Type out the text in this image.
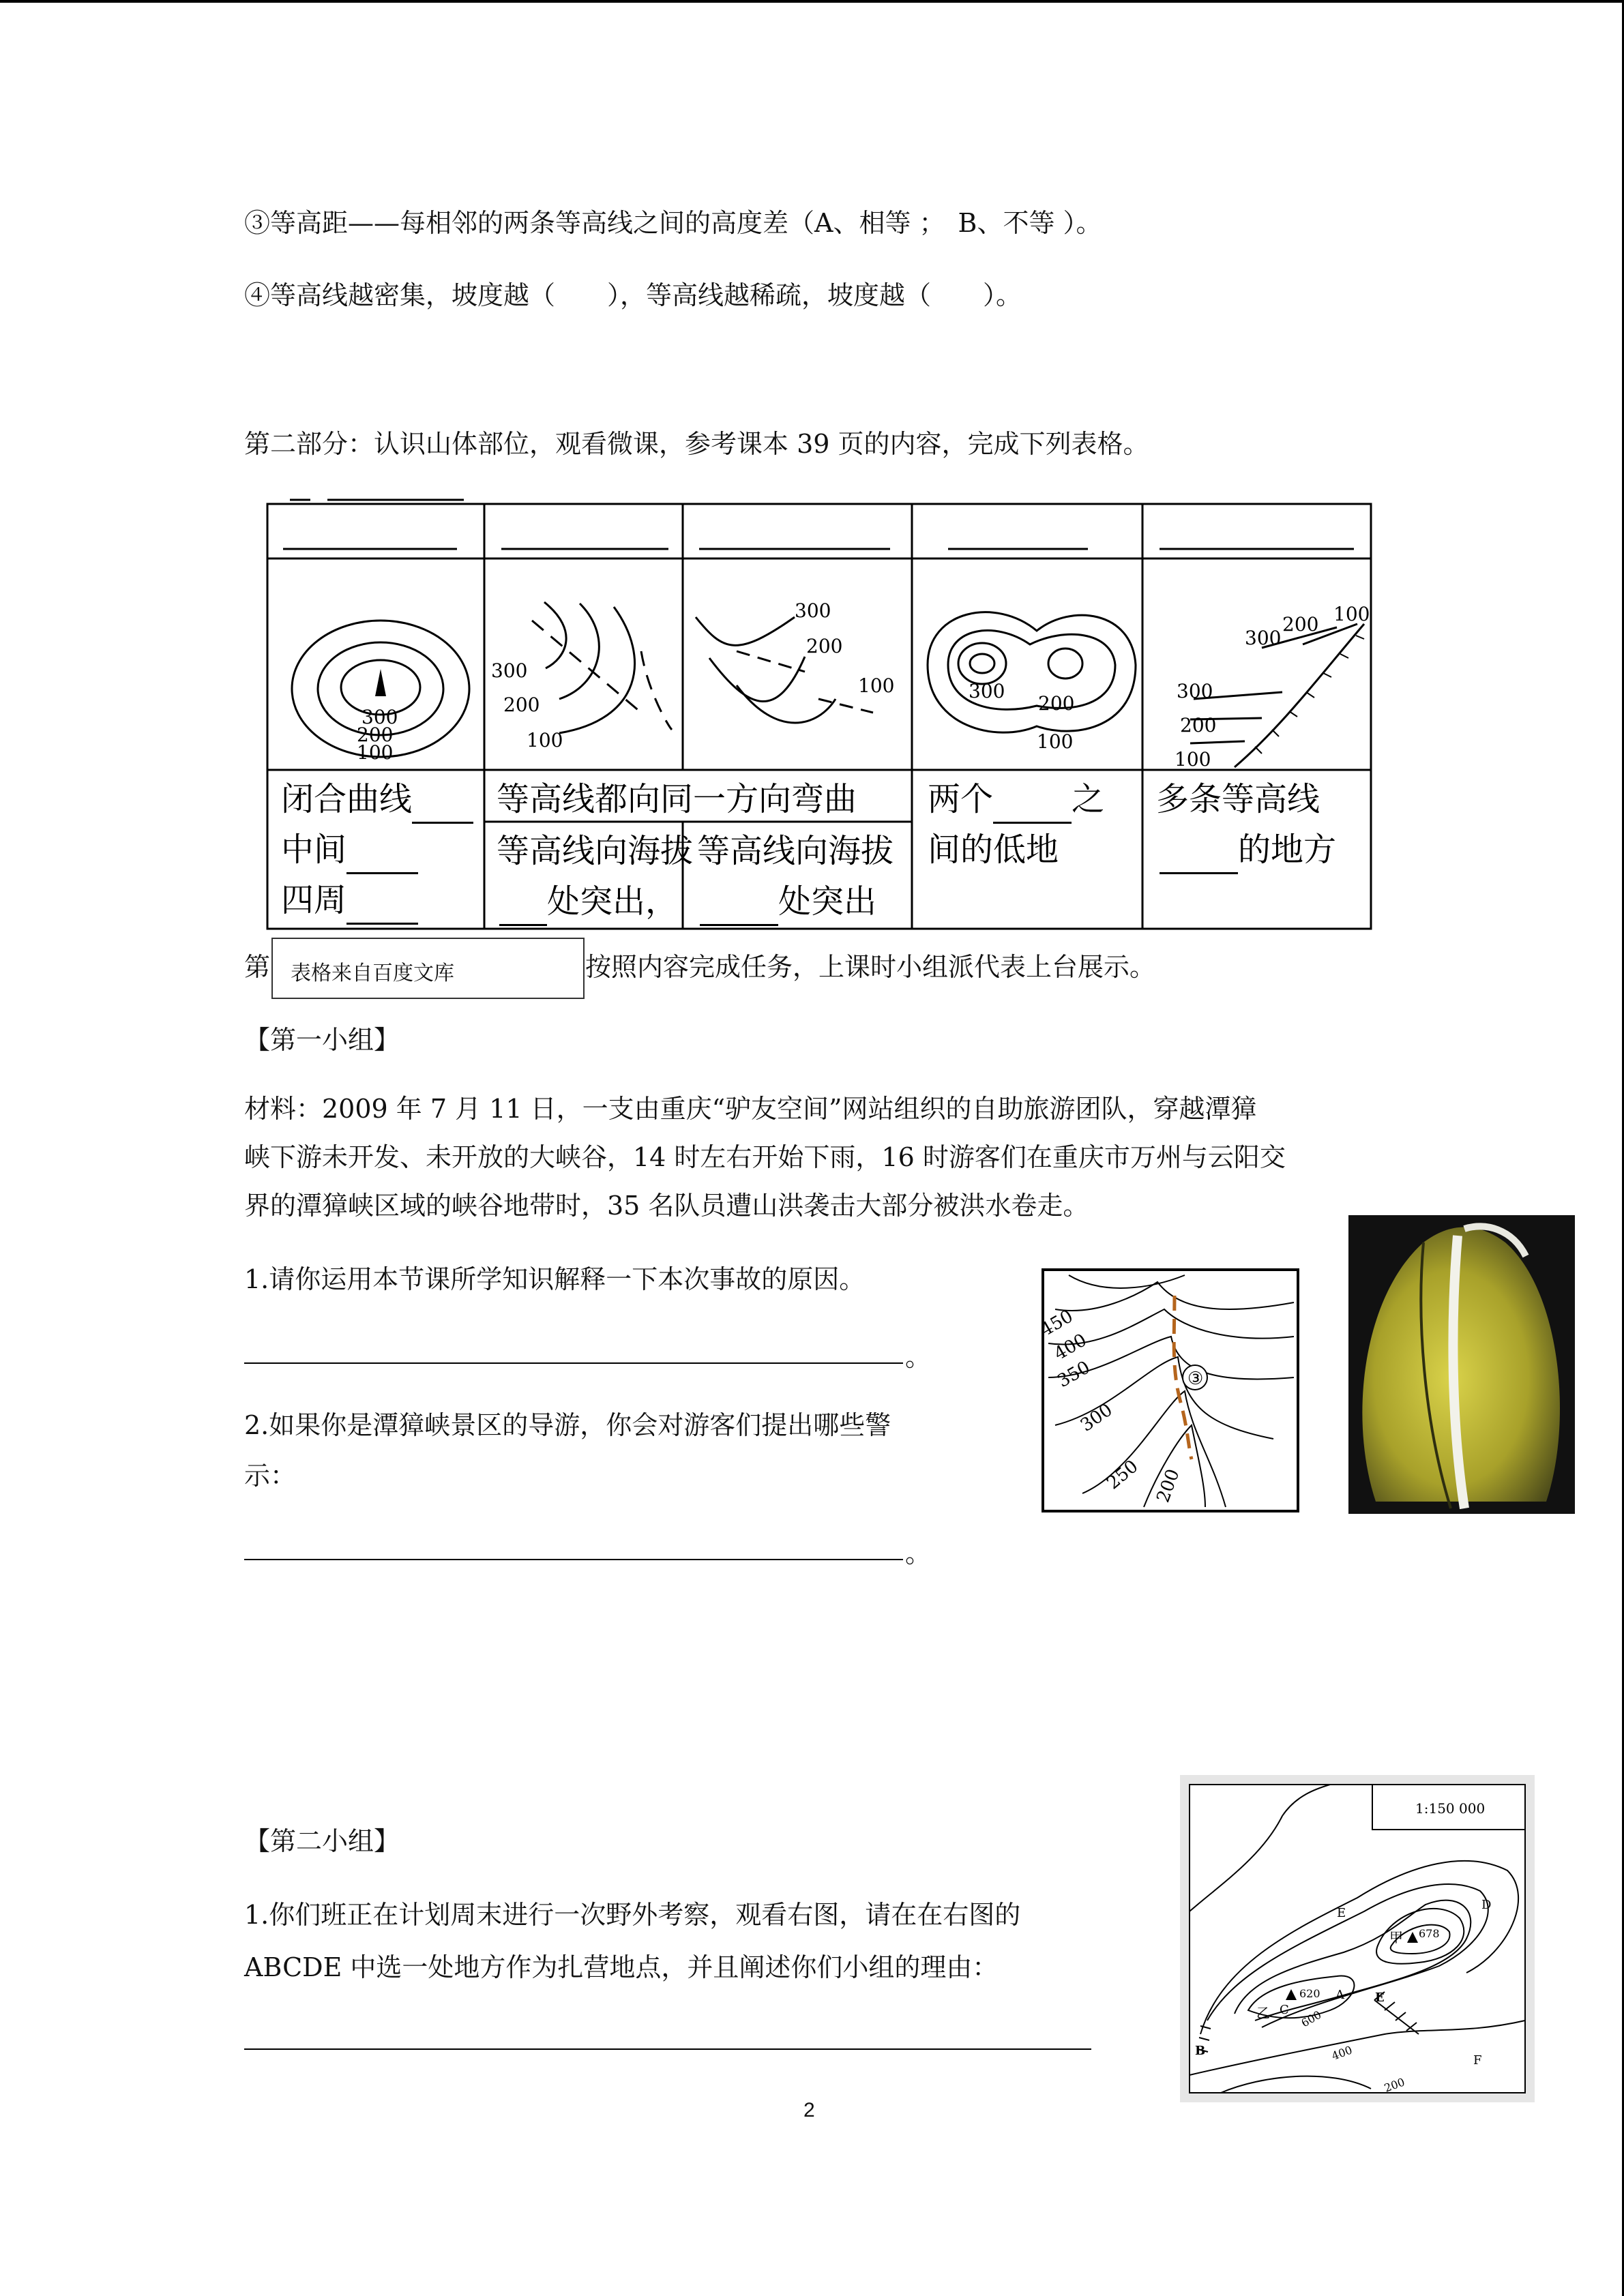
③等高距——每相邻的两条等高线之间的高度差（A、相等 ；　B、不等 ）。
④等高线越密集，坡度越（　　），等高线越稀疏，坡度越（　　）。
第二部分：认识山体部位，观看微课，参考课本 39 页的内容，完成下列表格。
300
200
100
300
200
100
300
200
100	300
200
100
300
200
100
300
200 100
闭合曲线
中间
四周
等高线都向同一方向弯曲
等高线向海拔
处突出，
等高线向海拔
处突出
两个 之
间的低地
多条等高线
的地方
第	按照内容完成任务，上课时小组派代表上台展示。
表格来自百度文库
【第一小组】
材料：2009 年 7 月 11 日，一支由重庆“驴友空间”网站组织的自助旅游团队，穿越潭獐
峡下游未开发、未开放的大峡谷，14 时左右开始下雨，16 时游客们在重庆市万州与云阳交
界的潭獐峡区域的峡谷地带时，35 名队员遭山洪袭击大部分被洪水卷走。
1.请你运用本节课所学知识解释一下本次事故的原因。
。
2.如果你是潭獐峡景区的导游，你会对游客们提出哪些警
示：
。
③
450
400
350
300
250 200
【第二小组】
1.你们班正在计划周末进行一次野外考察，观看右图，请在在右图的
ABCDE 中选一处地方作为扎营地点，并且阐述你们小组的理由：
1:150 000
甲 678
乙 C
620
600
A
E
D
B
F
E
400
200
2
